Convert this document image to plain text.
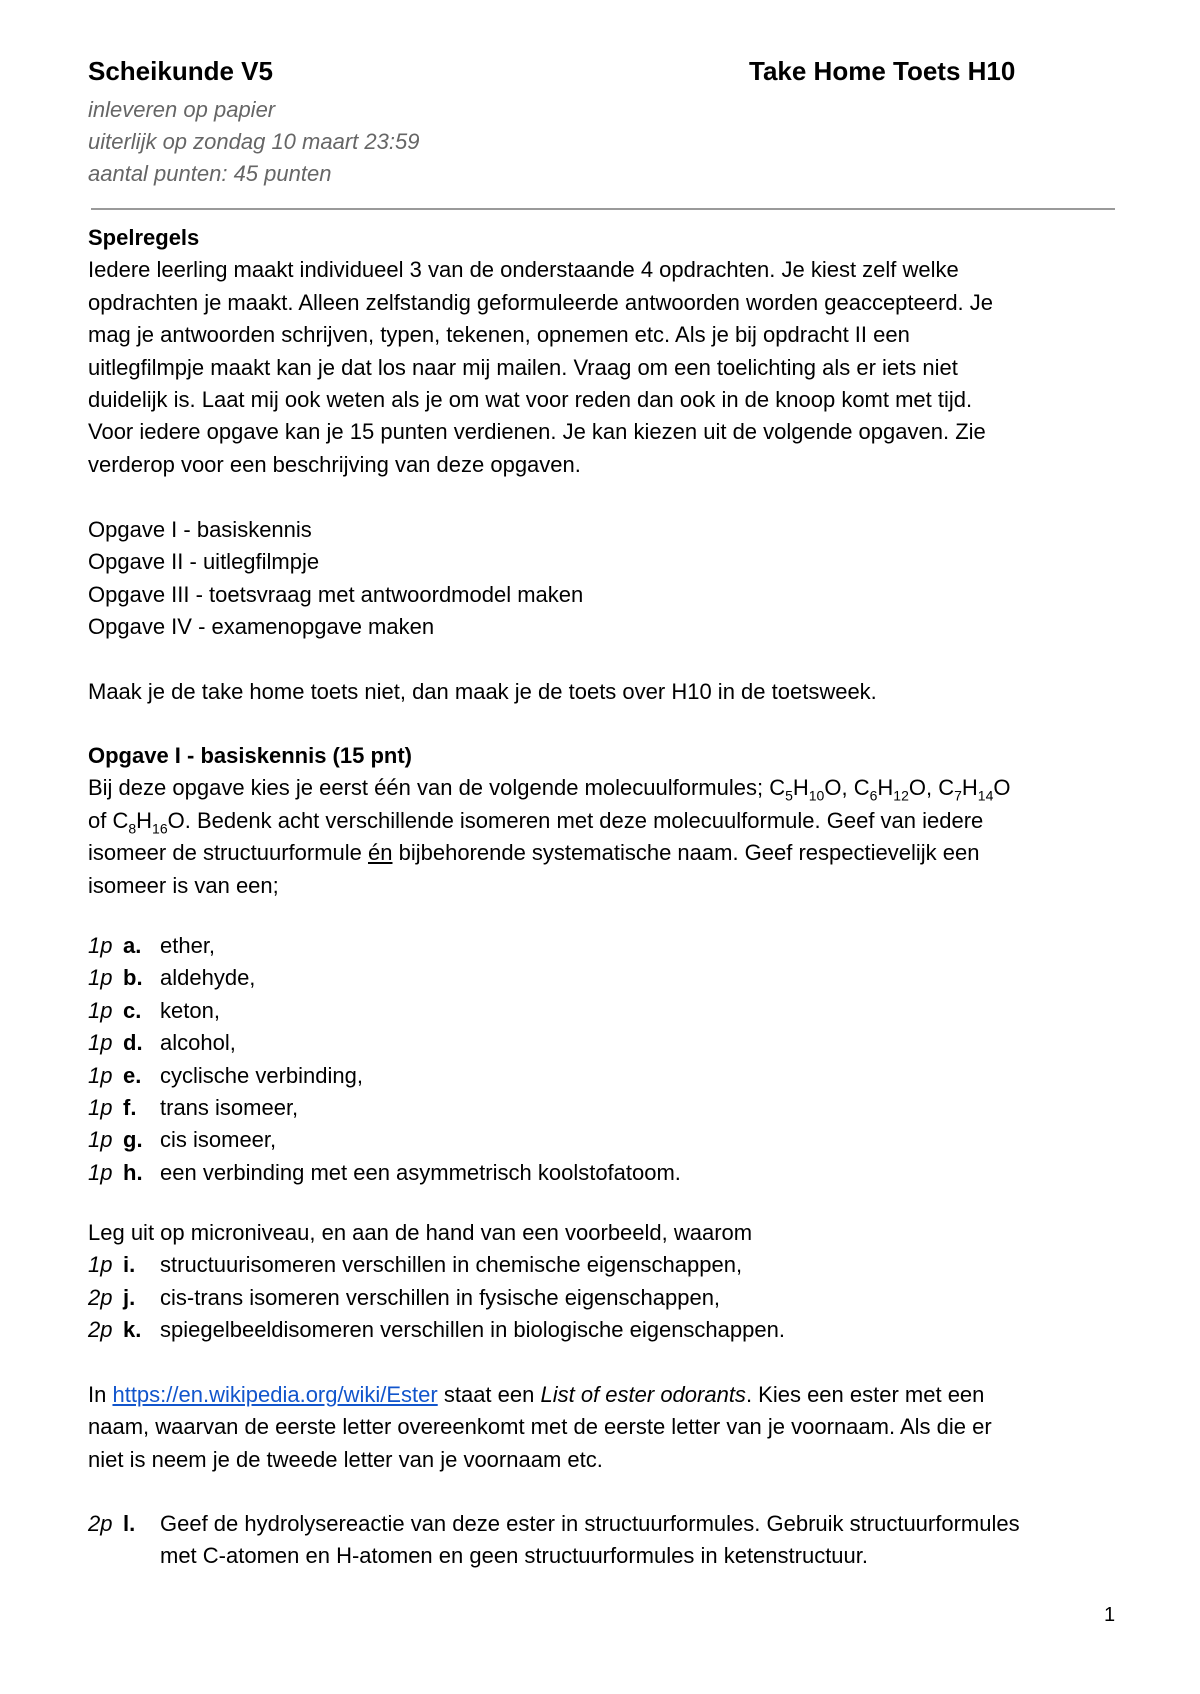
Scheikunde V5	Take Home Toets H10
inleveren op papier
uiterlijk op zondag 10 maart 23:59
aantal punten: 45 punten
Spelregels
Iedere leerling maakt individueel 3 van de onderstaande 4 opdrachten. Je kiest zelf welke
opdrachten je maakt. Alleen zelfstandig geformuleerde antwoorden worden geaccepteerd. Je
mag je antwoorden schrijven, typen, tekenen, opnemen etc. Als je bij opdracht II een
uitlegfilmpje maakt kan je dat los naar mij mailen. Vraag om een toelichting als er iets niet
duidelijk is. Laat mij ook weten als je om wat voor reden dan ook in de knoop komt met tijd.
Voor iedere opgave kan je 15 punten verdienen. Je kan kiezen uit de volgende opgaven. Zie
verderop voor een beschrijving van deze opgaven.
Opgave I - basiskennis
Opgave II - uitlegfilmpje
Opgave III - toetsvraag met antwoordmodel maken
Opgave IV - examenopgave maken
Maak je de take home toets niet, dan maak je de toets over H10 in de toetsweek.
Opgave I - basiskennis (15 pnt)
Bij deze opgave kies je eerst één van de volgende molecuulformules; $C_5H_{10}O$, $C_6H_{12}O$, $C_7H_{14}O$
of $C_8H_{16}O$. Bedenk acht verschillende isomeren met deze molecuulformule. Geef van iedere
isomeer de structuurformule én bijbehorende systematische naam. Geef respectievelijk een
isomeer is van een;
1p a. ether,
1p b. aldehyde,
1p c. keton,
1p d. alcohol,
1p e. cyclische verbinding,
1p f. trans isomeer,
1p g. cis isomeer,
1p h. een verbinding met een asymmetrisch koolstofatoom.
Leg uit op microniveau, en aan de hand van een voorbeeld, waarom
1p i. structuurisomeren verschillen in chemische eigenschappen,
2p j. cis-trans isomeren verschillen in fysische eigenschappen,
2p k. spiegelbeeldisomeren verschillen in biologische eigenschappen.
In https://en.wikipedia.org/wiki/Ester staat een List of ester odorants. Kies een ester met een
naam, waarvan de eerste letter overeenkomt met de eerste letter van je voornaam. Als die er
niet is neem je de tweede letter van je voornaam etc.
2p l. Geef de hydrolysereactie van deze ester in structuurformules. Gebruik structuurformules
met C-atomen en H-atomen en geen structuurformules in ketenstructuur.
1
